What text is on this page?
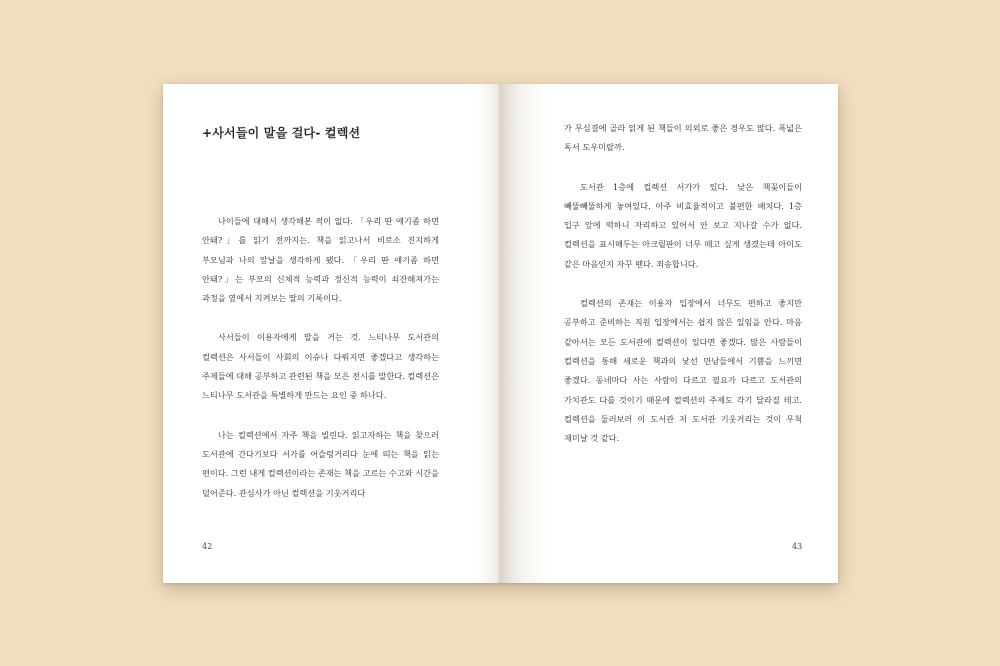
+사서들이 말을 걸다- 컬렉션

나이들에 대해서 생각해본 적이 없다. 「우리 딴 얘기좀 하면 안돼?」를 읽기 전까지는. 책을 읽고나서 비로소 진지하게 부모님과 나의 앞날을 생각하게 됐다. 「우리 딴 얘기좀 하면 안돼?」는 부모의 신체적 능력과 정신적 능력이 쇠잔해져가는 과정을 옆에서 지켜보는 딸의 기록이다.

사서들이 이용자에게 말을 거는 것. 느티나무 도서관의 컬렉션은 사서들이 사회의 이슈나 다뤄지면 좋겠다고 생각하는 주제들에 대해 공부하고 관련된 책을 모은 전시를 말한다. 컬렉션은 느티나무 도서관을 특별하게 만드는 요인 중 하나다.

나는 컬렉션에서 자주 책을 빌린다. 읽고자하는 책을 찾으러 도서관에 간다기보다 서가를 어슬렁거리다 눈에 띄는 책을 읽는 편이다. 그런 내게 컬렉션이라는 존재는 책을 고르는 수고와 시간을 덜어준다. 관심사가 아닌 컬렉션을 기웃거리다

42

가 무심결에 골라 읽게 된 책들이 의외로 좋은 경우도 많다. 폭넓은 독서 도우미랄까.

도서관 1층에 컬렉션 서가가 있다. 낮은 책꽂이들이 빼뚤빼뚤하게 놓여있다. 아주 비효율적이고 불편한 배치다. 1층 입구 앞에 떡하니 자리하고 있어서 안 보고 지나갈 수가 없다. 컬렉션을 표시해두는 아크릴판이 너무 떼고 싶게 생겼는데 아이도 같은 마음인지 자꾸 뗀다. 죄송합니다.

컬렉션의 존재는 이용자 입장에서 너무도 편하고 좋지만 공부하고 준비하는 직원 입장에서는 쉽지 않은 일임을 안다. 마음 같아서는 모든 도서관에 컬렉션이 있다면 좋겠다. 많은 사람들이 컬렉션을 통해 새로운 책과의 낯선 만남들에서 기쁨을 느끼면 좋겠다. 동네마다 사는 사람이 다르고 필요가 다르고 도서관의 가치관도 다를 것이기 때문에 컬렉션의 주제도 각기 달라질 테고. 컬렉션을 둘러보러 이 도서관 저 도서관 기웃거리는 것이 무척 재미날 것 같다.

43
